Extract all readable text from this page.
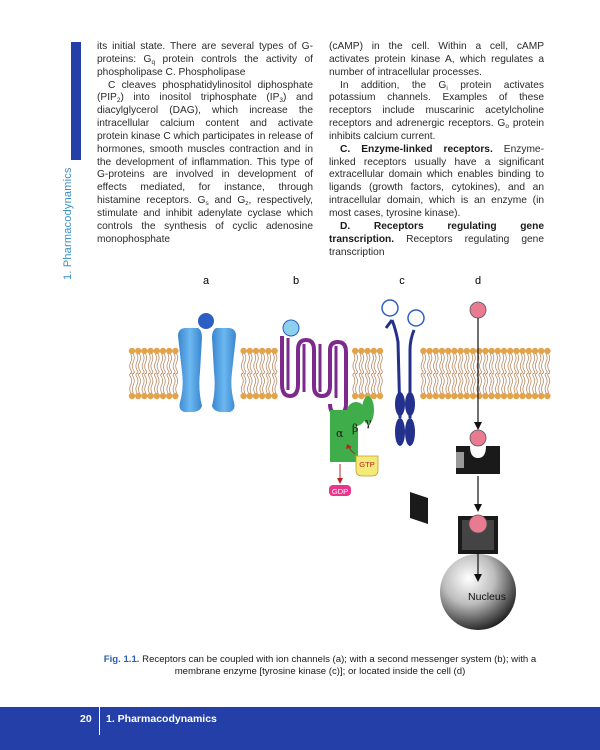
1. Pharmacodynamics

its initial state. There are several types of G-proteins: $G_q$ protein controls the activity of phospholipase C. Phospholipase

C cleaves phosphatidylinositol diphosphate $(PIP_2)$ into inositol triphosphate $(IP_3)$ and diacylglycerol (DAG), which increase the intracellular calcium content and activate protein kinase C which participates in release of hormones, smooth muscles contraction and in the development of inflammation. This type of G-proteins are involved in development of effects mediated, for instance, through histamine receptors. $G_s$ and $G_z$, respectively, stimulate and inhibit adenylate cyclase which controls the synthesis of cyclic adenosine monophosphate

(cAMP) in the cell. Within a cell, cAMP activates protein kinase A, which regulates a number of intracellular processes.

In addition, the $G_i$ protein activates potassium channels. Examples of these receptors include muscarinic acetylcholine receptors and adrenergic receptors. $G_o$ protein inhibits calcium current.

C. Enzyme-linked receptors. Enzyme-linked receptors usually have a significant extracellular domain which enables binding to ligands (growth factors, cytokines), and an intracellular domain, which is an enzyme (in most cases, tyrosine kinase).

D. Receptors regulating gene transcription. Receptors regulating gene transcription

a	b	c	d
α β γ
GTP
GDP
Nucleus
Fig. 1.1. Receptors can be coupled with ion channels (a); with a second messenger system (b); with a membrane enzyme [tyrosine kinase (c)]; or located inside the cell (d)
20 1. Pharmacodynamics
